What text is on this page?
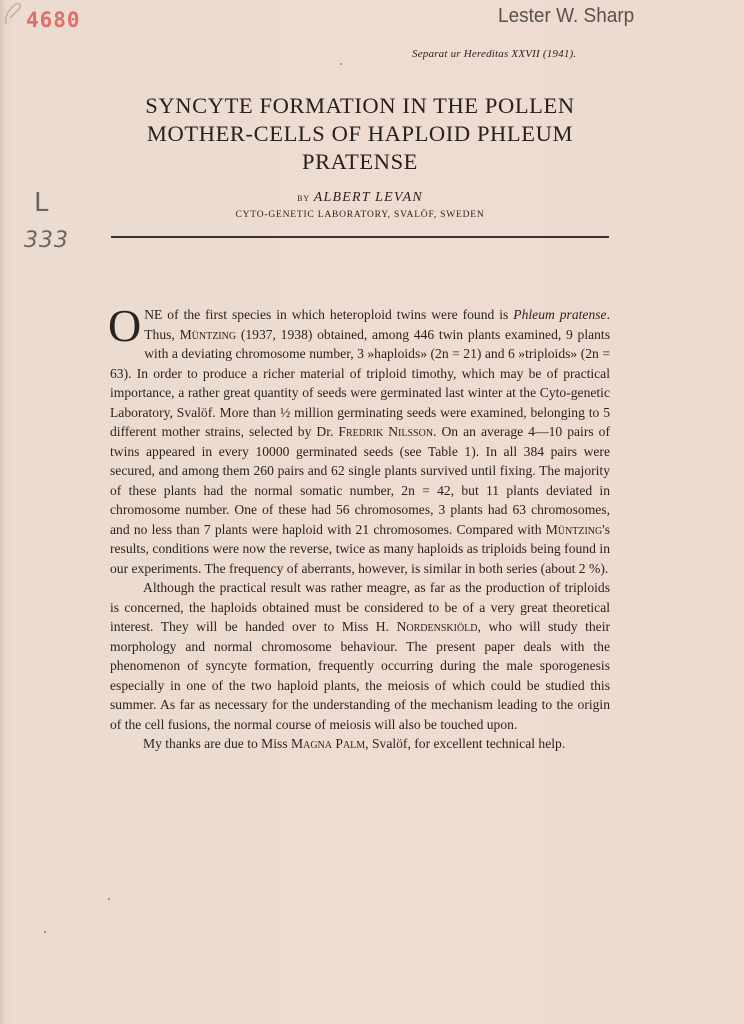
4680	Lester W. Sharp
Separat ur Hereditas XXVII (1941).
SYNCYTE FORMATION IN THE POLLEN
MOTHER-CELLS OF HAPLOID PHLEUM
PRATENSE
by ALBERT LEVAN
CYTO-GENETIC LABORATORY, SVALÖF, SWEDEN
L
333

ONE of the first species in which heteroploid twins were found is Phleum pratense. Thus, Müntzing (1937, 1938) obtained, among 446 twin plants examined, 9 plants with a deviating chromosome number, 3 »haploids» (2n = 21) and 6 »triploids» (2n = 63). In order to produce a richer material of triploid timothy, which may be of practical importance, a rather great quantity of seeds were germinated last winter at the Cyto-genetic Laboratory, Svalöf. More than ½ million germinating seeds were examined, belonging to 5 different mother strains, selected by Dr. Fredrik Nilsson. On an average 4—10 pairs of twins appeared in every 10000 germinated seeds (see Table 1). In all 384 pairs were secured, and among them 260 pairs and 62 single plants survived until fixing. The majority of these plants had the normal somatic number, 2n = 42, but 11 plants deviated in chromosome number. One of these had 56 chromosomes, 3 plants had 63 chromosomes, and no less than 7 plants were haploid with 21 chromosomes. Compared with Müntzing's results, conditions were now the reverse, twice as many haploids as triploids being found in our experiments. The frequency of aberrants, however, is similar in both series (about 2 %).

Although the practical result was rather meagre, as far as the production of triploids is concerned, the haploids obtained must be considered to be of a very great theoretical interest. They will be handed over to Miss H. Nordenskiöld, who will study their morphology and normal chromosome behaviour. The present paper deals with the phenomenon of syncyte formation, frequently occurring during the male sporogenesis especially in one of the two haploid plants, the meiosis of which could be studied this summer. As far as necessary for the understanding of the mechanism leading to the origin of the cell fusions, the normal course of meiosis will also be touched upon.

My thanks are due to Miss Magna Palm, Svalöf, for excellent technical help.
